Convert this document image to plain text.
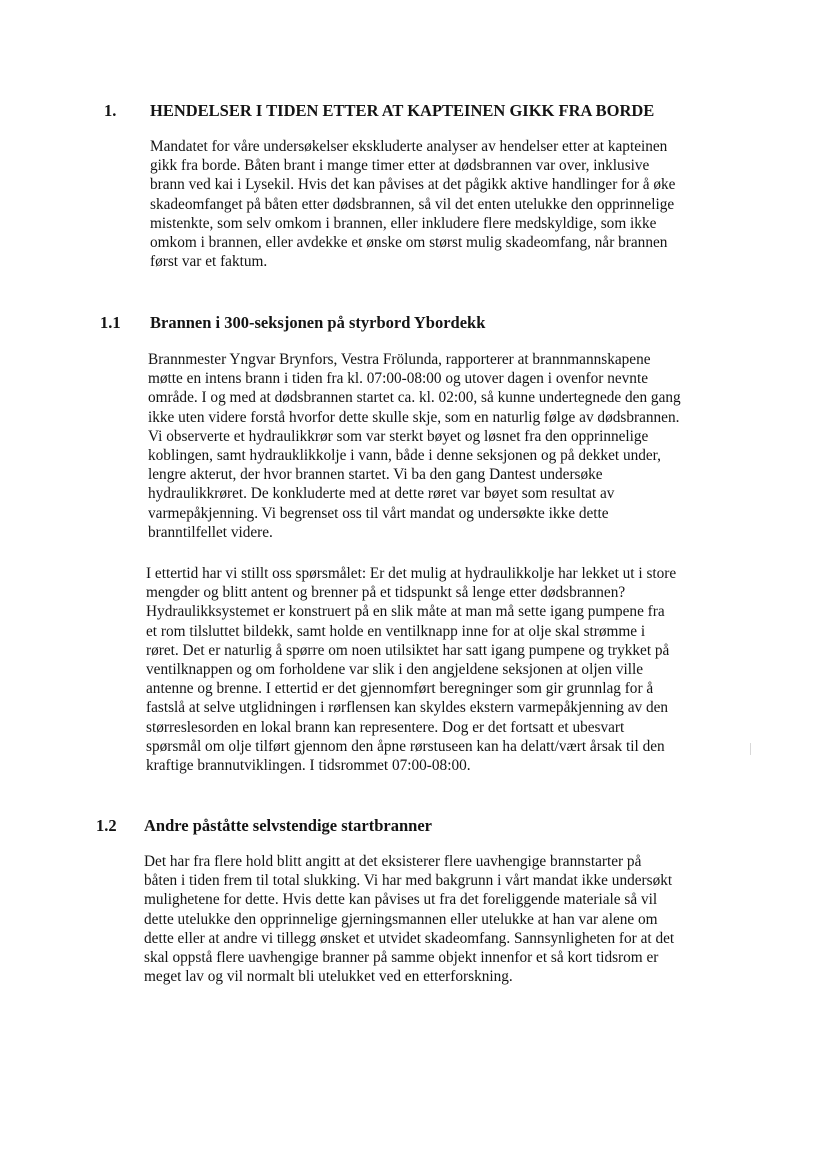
1. HENDELSER I TIDEN ETTER AT KAPTEINEN GIKK FRA BORDE
Mandatet for våre undersøkelser ekskluderte analyser av hendelser etter at kapteinen
gikk fra borde. Båten brant i mange timer etter at dødsbrannen var over, inklusive
brann ved kai i Lysekil. Hvis det kan påvises at det pågikk aktive handlinger for å øke
skadeomfanget på båten etter dødsbrannen, så vil det enten utelukke den opprinnelige
mistenkte, som selv omkom i brannen, eller inkludere flere medskyldige, som ikke
omkom i brannen, eller avdekke et ønske om størst mulig skadeomfang, når brannen
først var et faktum.
1.1 Brannen i 300-seksjonen på styrbord Ybordekk
Brannmester Yngvar Brynfors, Vestra Frölunda, rapporterer at brannmannskapene
møtte en intens brann i tiden fra kl. 07:00-08:00 og utover dagen i ovenfor nevnte
område. I og med at dødsbrannen startet ca. kl. 02:00, så kunne undertegnede den gang
ikke uten videre forstå hvorfor dette skulle skje, som en naturlig følge av dødsbrannen.
Vi observerte et hydraulikkrør som var sterkt bøyet og løsnet fra den opprinnelige
koblingen, samt hydrauklikkolje i vann, både i denne seksjonen og på dekket under,
lengre akterut, der hvor brannen startet. Vi ba den gang Dantest undersøke
hydraulikkrøret. De konkluderte med at dette røret var bøyet som resultat av
varmepåkjenning. Vi begrenset oss til vårt mandat og undersøkte ikke dette
branntilfellet videre.
I ettertid har vi stillt oss spørsmålet: Er det mulig at hydraulikkolje har lekket ut i store
mengder og blitt antent og brenner på et tidspunkt så lenge etter dødsbrannen?
Hydraulikksystemet er konstruert på en slik måte at man må sette igang pumpene fra
et rom tilsluttet bildekk, samt holde en ventilknapp inne for at olje skal strømme i
røret. Det er naturlig å spørre om noen utilsiktet har satt igang pumpene og trykket på
ventilknappen og om forholdene var slik i den angjeldene seksjonen at oljen ville
antenne og brenne. I ettertid er det gjennomført beregninger som gir grunnlag for å
fastslå at selve utglidningen i rørflensen kan skyldes ekstern varmepåkjenning av den
størreslesorden en lokal brann kan representere. Dog er det fortsatt et ubesvart
spørsmål om olje tilført gjennom den åpne rørstuseen kan ha delatt/vært årsak til den
kraftige brannutviklingen. I tidsrommet 07:00-08:00.
1.2 Andre påståtte selvstendige startbranner
Det har fra flere hold blitt angitt at det eksisterer flere uavhengige brannstarter på
båten i tiden frem til total slukking. Vi har med bakgrunn i vårt mandat ikke undersøkt
mulighetene for dette. Hvis dette kan påvises ut fra det foreliggende materiale så vil
dette utelukke den opprinnelige gjerningsmannen eller utelukke at han var alene om
dette eller at andre vi tillegg ønsket et utvidet skadeomfang. Sannsynligheten for at det
skal oppstå flere uavhengige branner på samme objekt innenfor et så kort tidsrom er
meget lav og vil normalt bli utelukket ved en etterforskning.
